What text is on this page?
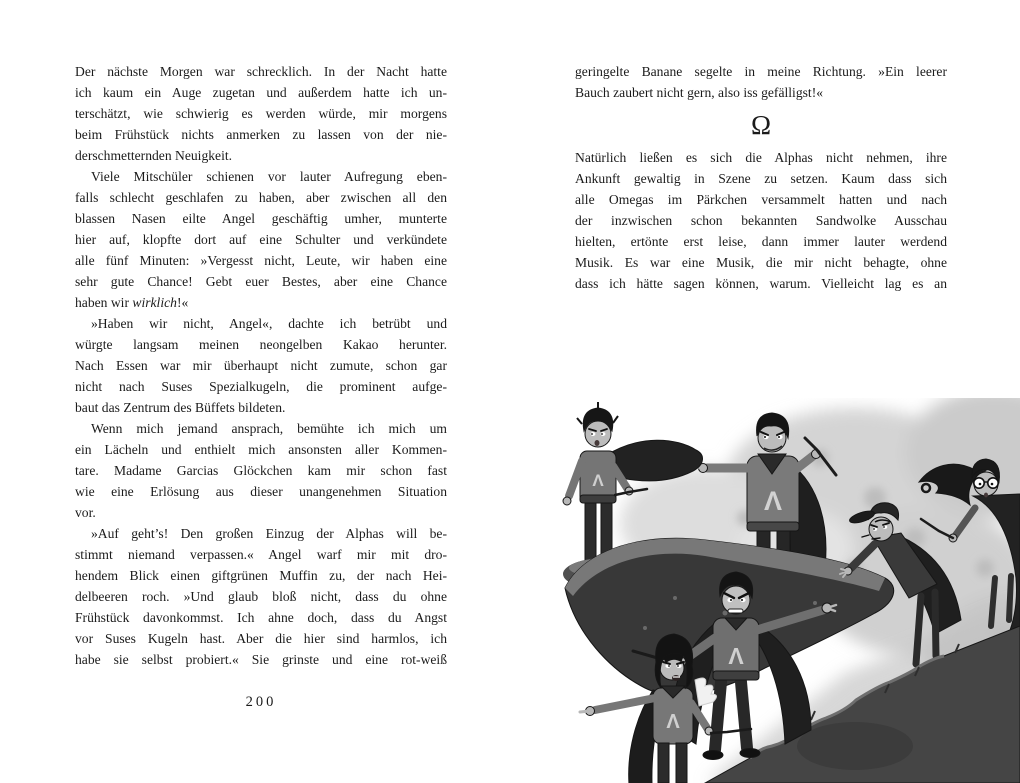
Der nächste Morgen war schrecklich. In der Nacht hatte
ich kaum ein Auge zugetan und außerdem hatte ich un-
terschätzt, wie schwierig es werden würde, mir morgens
beim Frühstück nichts anmerken zu lassen von der nie-
derschmetternden Neuigkeit.
Viele Mitschüler schienen vor lauter Aufregung eben-
falls schlecht geschlafen zu haben, aber zwischen all den
blassen Nasen eilte Angel geschäftig umher, munterte
hier auf, klopfte dort auf eine Schulter und verkündete
alle fünf Minuten: »Vergesst nicht, Leute, wir haben eine
sehr gute Chance! Gebt euer Bestes, aber eine Chance
haben wir wirklich!«
»Haben wir nicht, Angel«, dachte ich betrübt und
würgte langsam meinen neongelben Kakao herunter.
Nach Essen war mir überhaupt nicht zumute, schon gar
nicht nach Suses Spezialkugeln, die prominent aufge-
baut das Zentrum des Büffets bildeten.
Wenn mich jemand ansprach, bemühte ich mich um
ein Lächeln und enthielt mich ansonsten aller Kommen-
tare. Madame Garcias Glöckchen kam mir schon fast
wie eine Erlösung aus dieser unangenehmen Situation
vor.
»Auf geht’s! Den großen Einzug der Alphas will be-
stimmt niemand verpassen.« Angel warf mir mit dro-
hendem Blick einen giftgrünen Muffin zu, der nach Hei-
delbeeren roch. »Und glaub bloß nicht, dass du ohne
Frühstück davonkommst. Ich ahne doch, dass du Angst
vor Suses Kugeln hast. Aber die hier sind harmlos, ich
habe sie selbst probiert.« Sie grinste und eine rot-weiß
200
geringelte Banane segelte in meine Richtung. »Ein leerer
Bauch zaubert nicht gern, also iss gefälligst!«
Ω
Natürlich ließen es sich die Alphas nicht nehmen, ihre
Ankunft gewaltig in Szene zu setzen. Kaum dass sich
alle Omegas im Pärkchen versammelt hatten und nach
der inzwischen schon bekannten Sandwolke Ausschau
hielten, ertönte erst leise, dann immer lauter werdend
Musik. Es war eine Musik, die mir nicht behagte, ohne
dass ich hätte sagen können, warum. Vielleicht lag es an
Λ
Λ
Λ
Λ
